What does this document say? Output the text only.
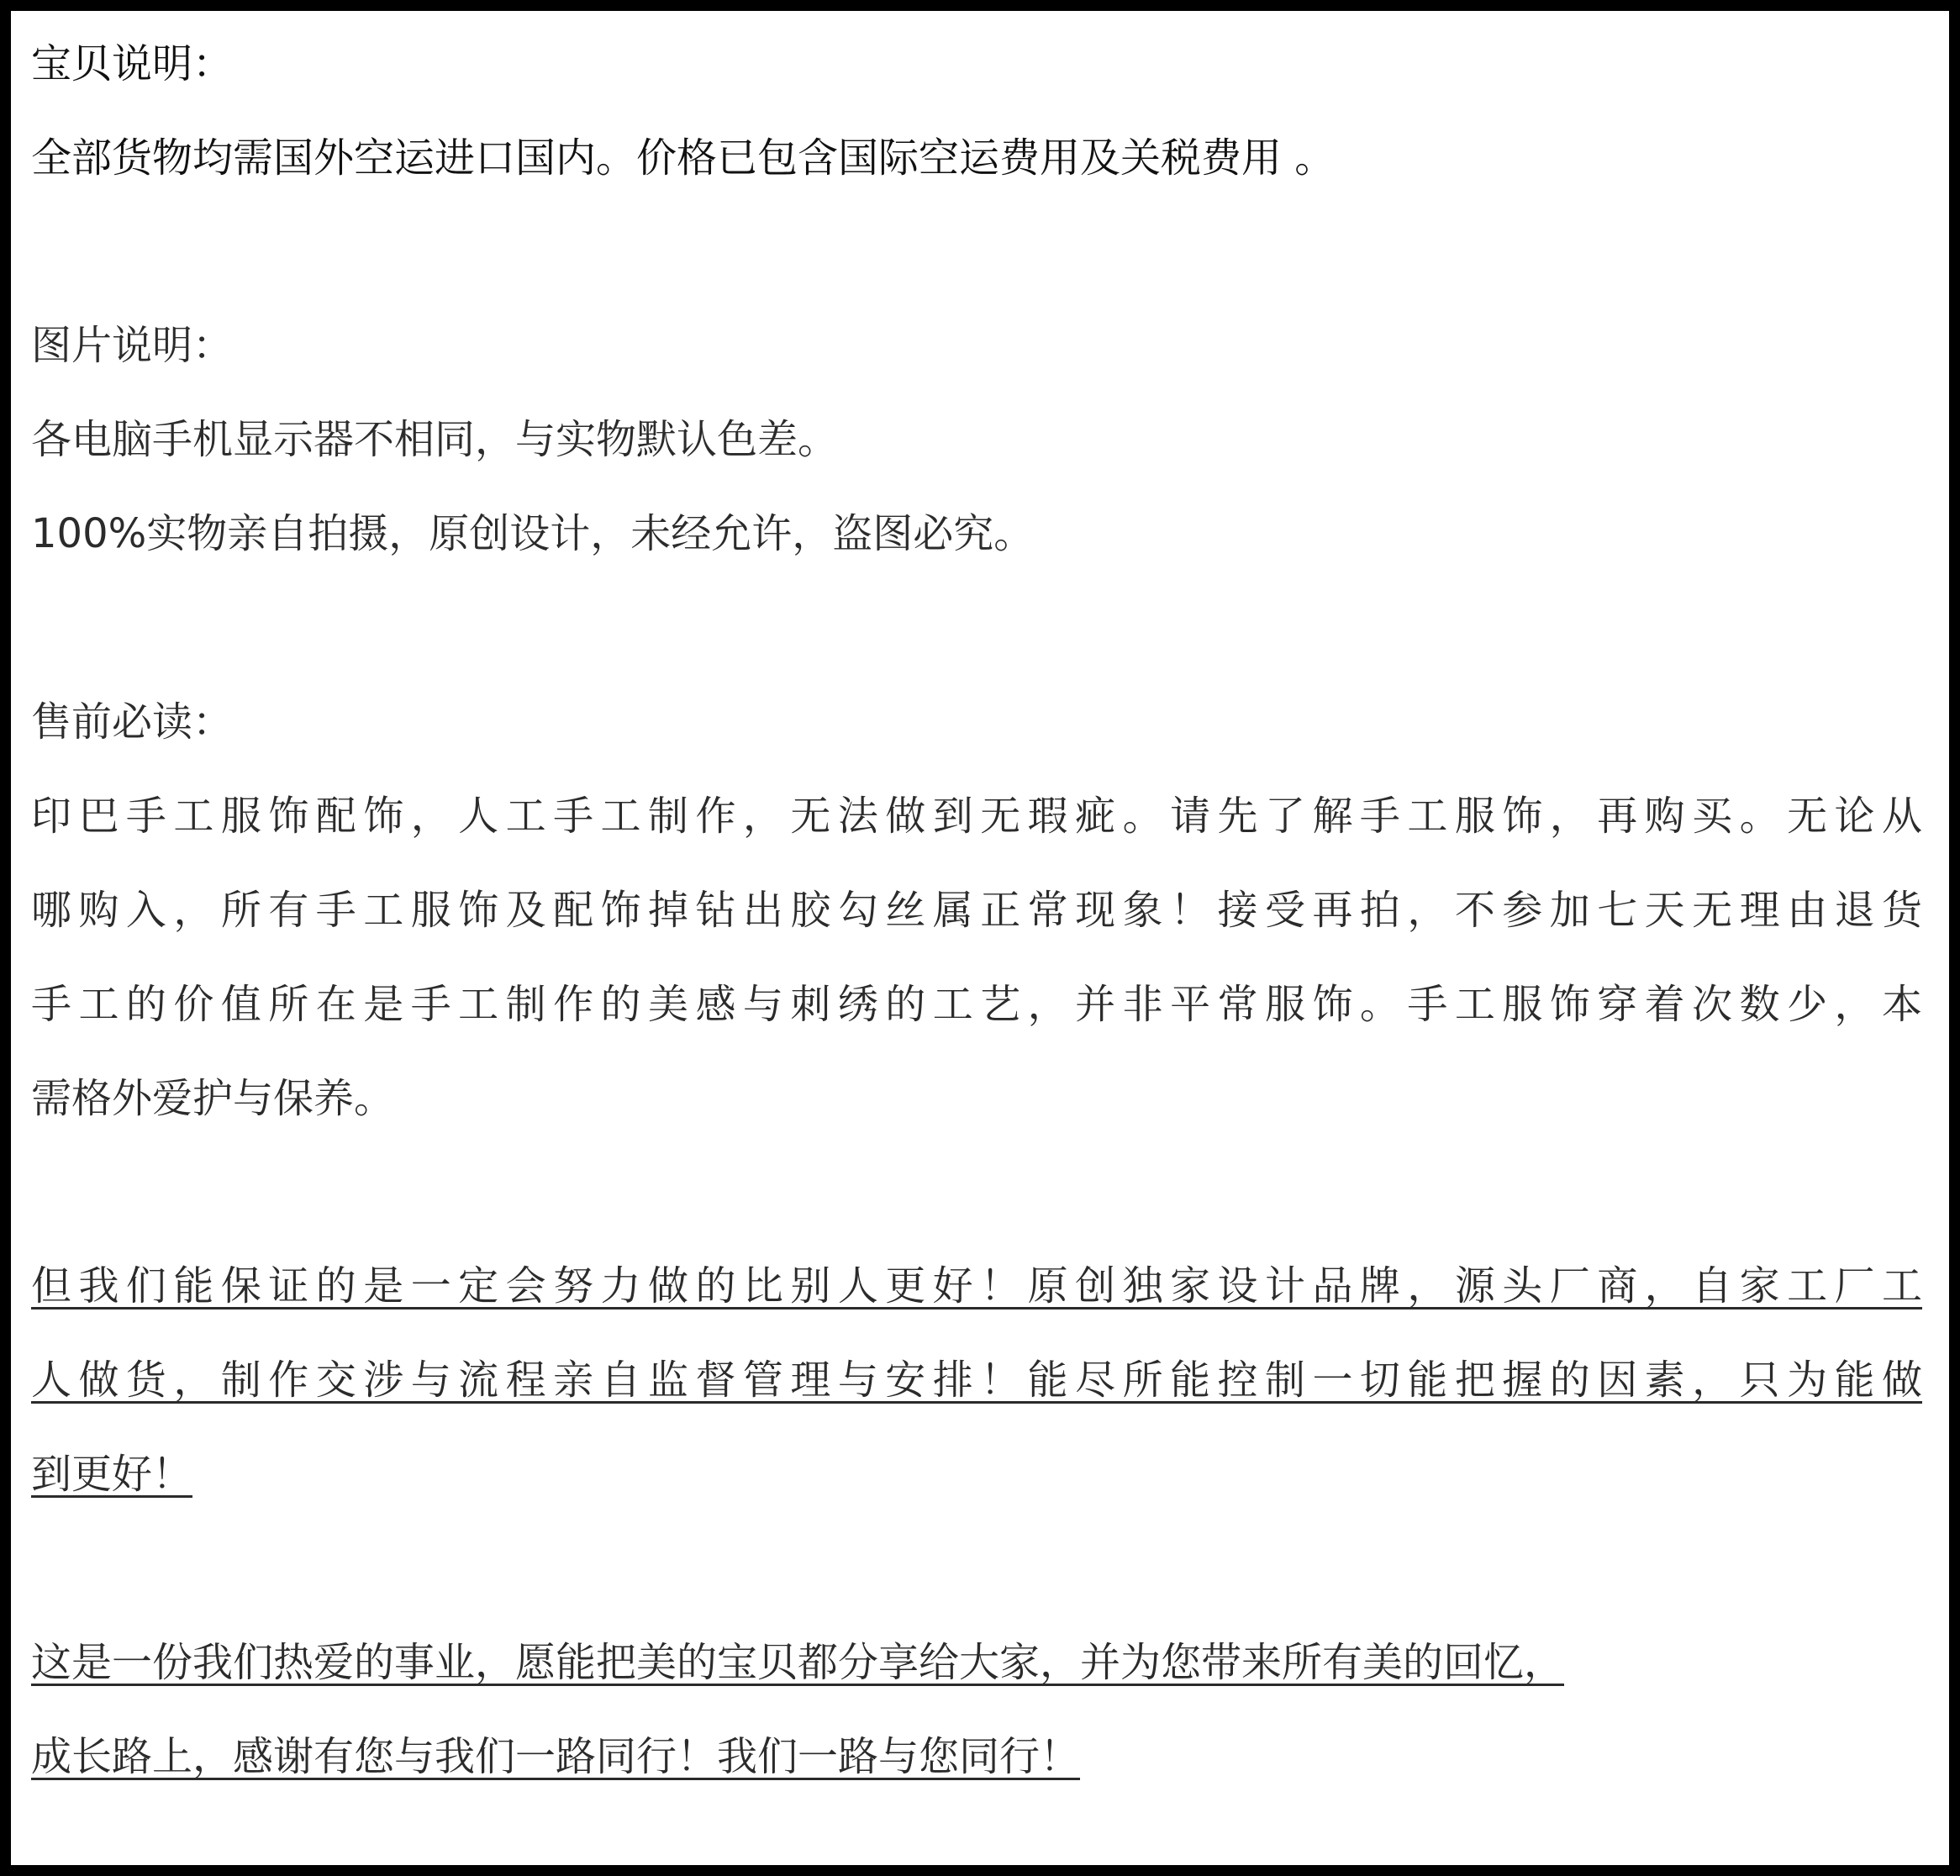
宝贝说明：
全部货物均需国外空运进口国内。价格已包含国际空运费用及关税费用 。
图片说明：
各电脑手机显示器不相同，与实物默认色差。
100%实物亲自拍摄，原创设计，未经允许，盗图必究。
售前必读：
印巴手工服饰配饰，人工手工制作，无法做到无瑕疵。请先了解手工服饰，再购买。无论从
哪购入，所有手工服饰及配饰掉钻出胶勾丝属正常现象！接受再拍，不参加七天无理由退货
手工的价值所在是手工制作的美感与刺绣的工艺，并非平常服饰。手工服饰穿着次数少，本
需格外爱护与保养。
但我们能保证的是一定会努力做的比别人更好！原创独家设计品牌，源头厂商，自家工厂工
人做货，制作交涉与流程亲自监督管理与安排！能尽所能控制一切能把握的因素，只为能做
到更好！
这是一份我们热爱的事业，愿能把美的宝贝都分享给大家，并为您带来所有美的回忆，
成长路上，感谢有您与我们一路同行！我们一路与您同行！
